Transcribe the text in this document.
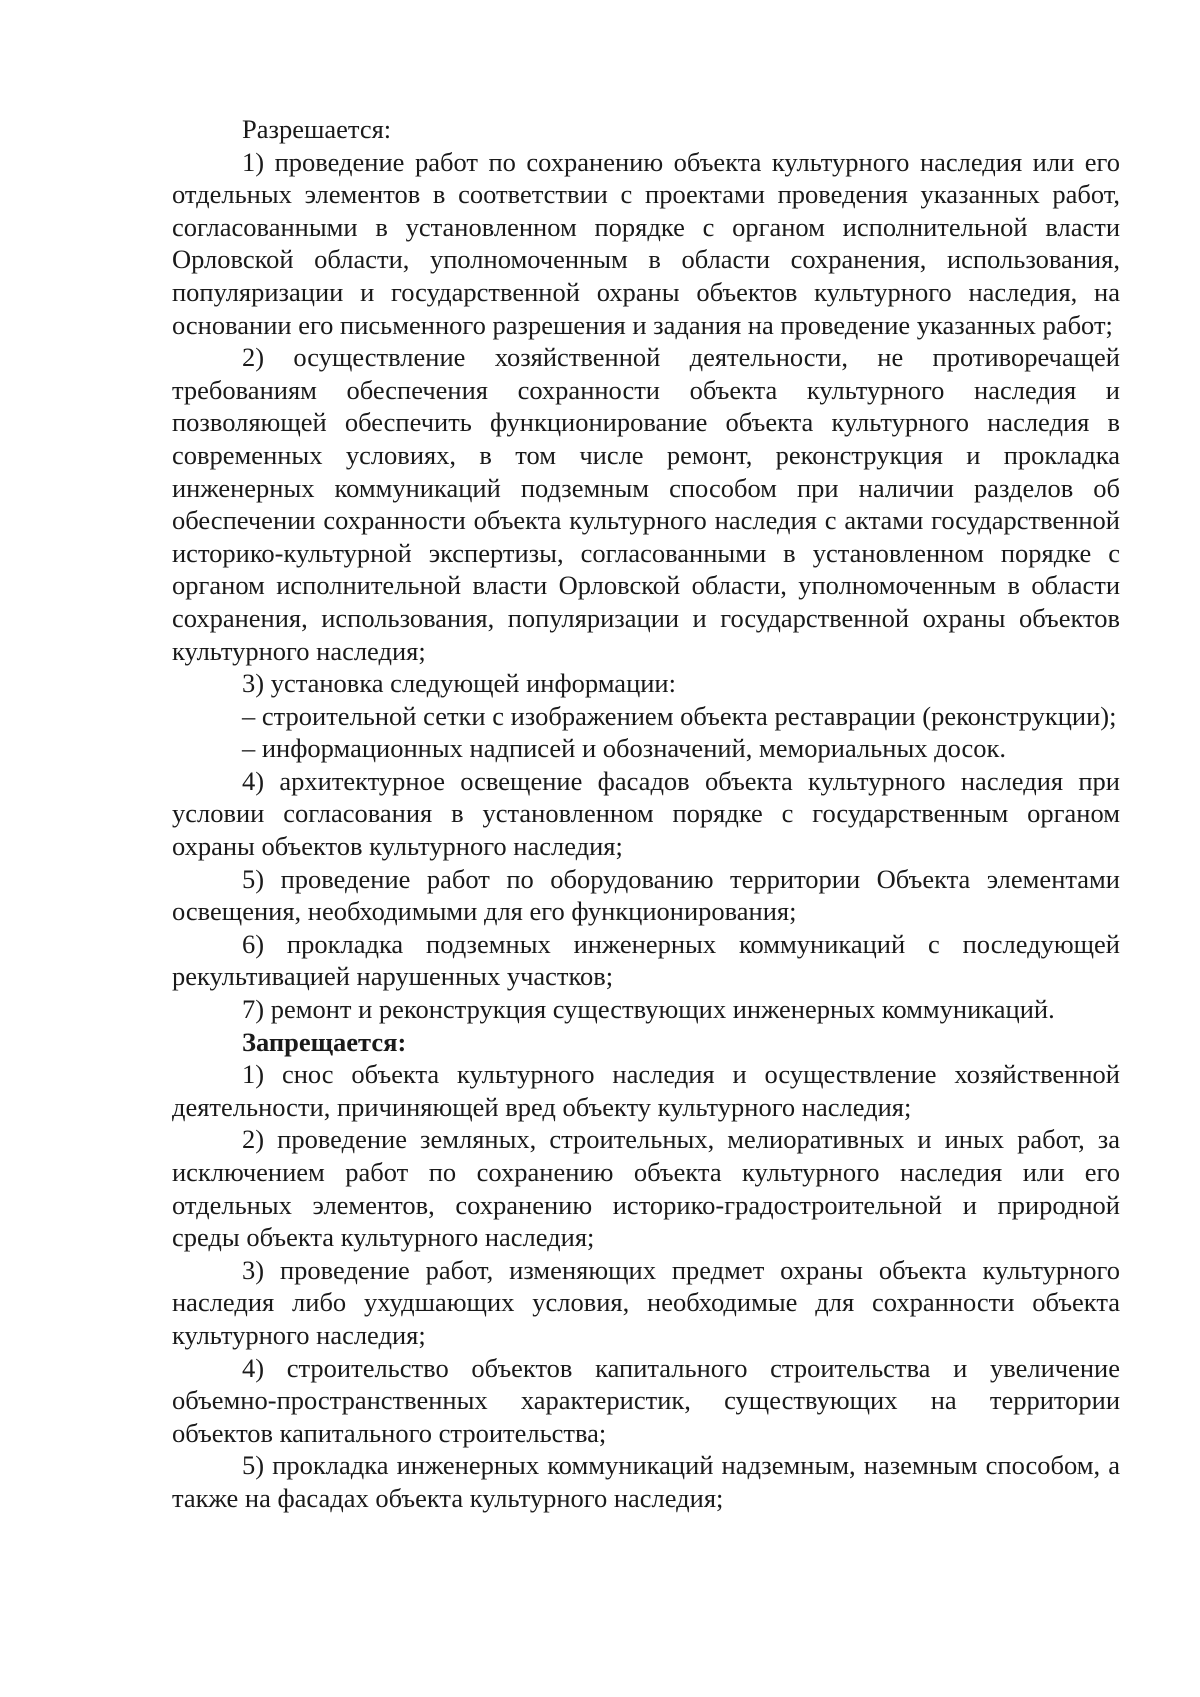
Разрешается:

1) проведение работ по сохранению объекта культурного наследия или его отдельных элементов в соответствии с проектами проведения указанных работ, согласованными в установленном порядке с органом исполнительной власти Орловской области, уполномоченным в области сохранения, использования, популяризации и государственной охраны объектов культурного наследия, на основании его письменного разрешения и задания на проведение указанных работ;

2) осуществление хозяйственной деятельности, не противоречащей требованиям обеспечения сохранности объекта культурного наследия и позволяющей обеспечить функционирование объекта культурного наследия в современных условиях, в том числе ремонт, реконструкция и прокладка инженерных коммуникаций подземным способом при наличии разделов об обеспечении сохранности объекта культурного наследия с актами государственной историко-культурной экспертизы, согласованными в установленном порядке с органом исполнительной власти Орловской области, уполномоченным в области сохранения, использования, популяризации и государственной охраны объектов культурного наследия;

3) установка следующей информации:

– строительной сетки с изображением объекта реставрации (реконструкции);

– информационных надписей и обозначений, мемориальных досок.

4) архитектурное освещение фасадов объекта культурного наследия при условии согласования в установленном порядке с государственным органом охраны объектов культурного наследия;

5) проведение работ по оборудованию территории Объекта элементами освещения, необходимыми для его функционирования;

6) прокладка подземных инженерных коммуникаций с последующей рекультивацией нарушенных участков;

7) ремонт и реконструкция существующих инженерных коммуникаций.

Запрещается:

1) снос объекта культурного наследия и осуществление хозяйственной деятельности, причиняющей вред объекту культурного наследия;

2) проведение земляных, строительных, мелиоративных и иных работ, за исключением работ по сохранению объекта культурного наследия или его отдельных элементов, сохранению историко-градостроительной и природной среды объекта культурного наследия;

3) проведение работ, изменяющих предмет охраны объекта культурного наследия либо ухудшающих условия, необходимые для сохранности объекта культурного наследия;

4) строительство объектов капитального строительства и увеличение объемно-пространственных характеристик, существующих на территории объектов капитального строительства;

5) прокладка инженерных коммуникаций надземным, наземным способом, а также на фасадах объекта культурного наследия;
